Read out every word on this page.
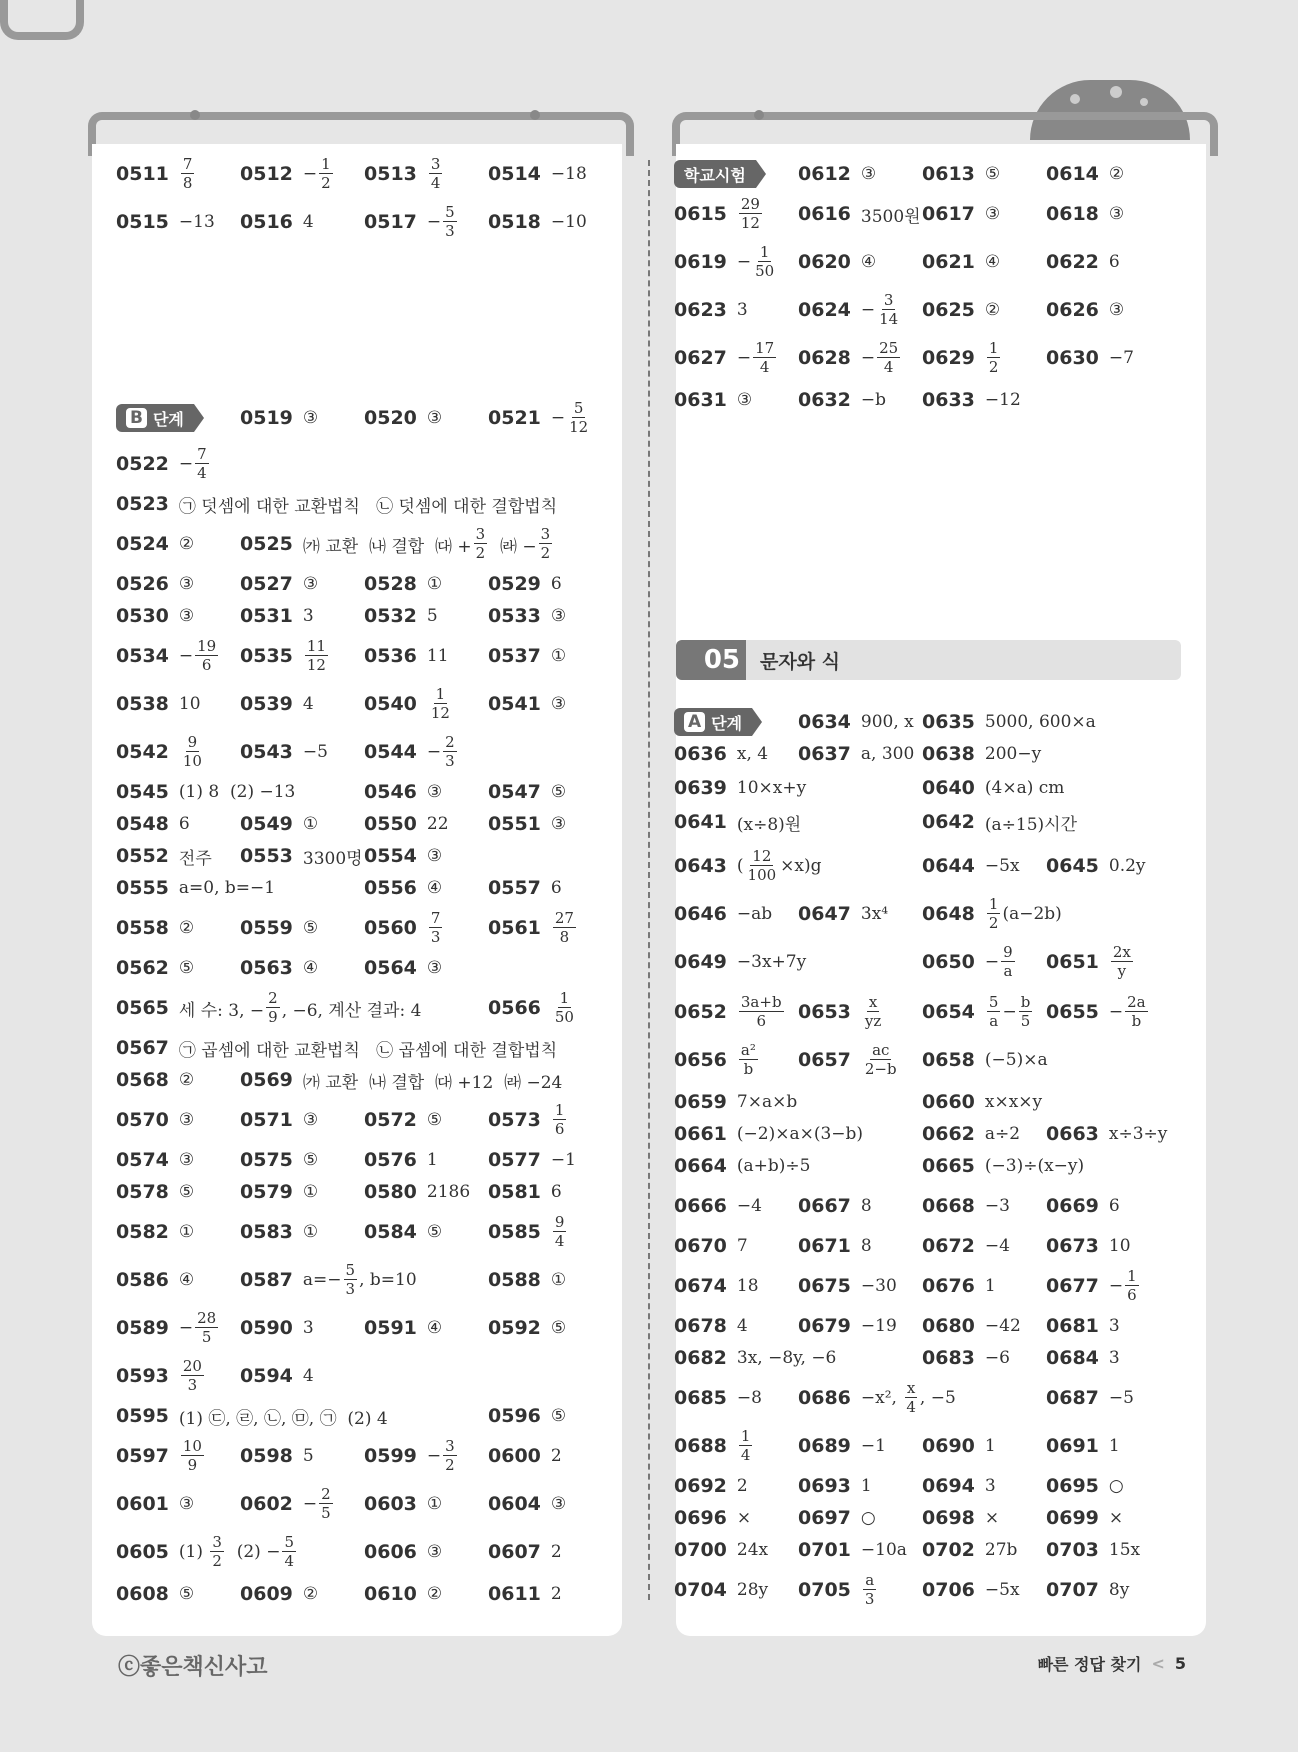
B 단계
학교시험
A 단계
05	문자와 식
$0511 \frac{7}{8} 0512 - \frac{1}{2} 0513 \frac{3}{4} 0514 -18$
0515 −13 0516 4	$0517 - \frac{5}{3} 0518 -10$
0519 ③ 0520 ③ $0521 - \frac{5}{12}$
$0522 - \frac{7}{4}$
0523 ㉠ 덧셈에 대한 교환법칙   ㉡ 덧셈에 대한 결합법칙
0524 ② 0525 ㈎ 교환  ㈏ 결합  ㈐ + $\frac{3}{2}$ ㈑ − $\frac{3}{2}$
0526 ③ 0527 ③ 0528 ① 0529 6
0530 ③ 0531 3	0532 5	0533 ③
$0534 - \frac{19}{6} 0535 \frac{11}{12} 0536$ 11 0537 ①
0538 10 0539 4	$0540 \frac{1}{12} 0541$ ③
$0542 \frac{9}{10} 0543 -5$ $0544 - \frac{2}{3}$
0545 (1) 8  (2) −13	0546 ③ 0547 ⑤
0548 6	0549 ① 0550 22 0551 ③
0552 전주 0553 3300명 0554 ③
0555 a=0, b=−1	0556 ④ 0557 6
0558 ② 0559 ⑤ $0560 \frac{7}{3} 0561 \frac{27}{8}$
0562 ⑤ 0563 ④ 0564 ③
0565 세 수: 3, − $\frac{2}{9}$ , −6, 계산 결과: 4	$0566 \frac{1}{50}$
0567 ㉠ 곱셈에 대한 교환법칙   ㉡ 곱셈에 대한 결합법칙
0568 ② 0569 ㈎ 교환  ㈏ 결합  ㈐ +12  ㈑ −24
0570 ③ 0571 ③ 0572 ⑤ $0573 \frac{1}{6}$
0574 ③ 0575 ⑤ 0576 1	0577 −1
0578 ⑤ 0579 ① 0580 2186 0581 6
0582 ① 0583 ① 0584 ⑤ $0585 \frac{9}{4}$
0586 ④ 0587 $a=- \frac{5}{3}$ , b=10	0588 ①
$0589 - \frac{28}{5} 0590$ 3	0591 ④ 0592 ⑤
$0593 \frac{20}{3} 0594$ 4
0595 (1) ㉢, ㉣, ㉡, ㉤, ㉠  (2) 4	0596 ⑤
$0597 \frac{10}{9} 0598$ 5	$0599 - \frac{3}{2} 0600$ 2
0601 ③ $0602 - \frac{2}{5} 0603$ ① 0604 ③
0605 $(1) \frac{3}{2} (2) - \frac{5}{4}$	0606 ③ 0607 2
0608 ⑤ 0609 ② 0610 ② 0611 2
0612 ③ 0613 ⑤ 0614 ②
$0615 \frac{29}{12} 0616$ 3500원 0617 ③ 0618 ③
$0619 - \frac{1}{50} 0620$ ④ 0621 ④ 0622 6
0623 3	$0624 - \frac{3}{14} 0625$ ② 0626 ③
$0627 - \frac{17}{4} 0628 - \frac{25}{4} 0629 \frac{1}{2} 0630 -7$
0631 ③ 0632 −b 0633 −12
0634 900, x 0635 5000, 600×a
0636 x, 4 0637 a, 300 0638 200−y
0639 10×x+y	0640 (4×a) cm
0641 (x÷8)원	0642 (a÷15)시간
0643 ( $\frac{12}{100} \times x)g$	0644 −5x 0645 0.2y
0646 −ab 0647 3x⁴ $0648 \frac{1}{2} (a-2b)$
0649 −3x+7y	$0650 - \frac{9}{a} 0651 \frac{2x}{y}$
$0652 \frac{3a+b}{6} 0653 \frac{x}{yz} 0654 \frac{5}{a} - \frac{b}{5} 0655 - \frac{2a}{b}$
$0656 \frac{\text{a²}}{b} 0657 \frac{ac}{2-b} 0658$ (−5)×a
0659 7×a×b	0660 x×x×y
0661 (−2)×a×(3−b)	0662 a÷2 0663 x÷3÷y
0664 (a+b)÷5	0665 (−3)÷(x−y)
0666 −4 0667 8	0668 −3 0669 6
0670 7	0671 8	0672 −4 0673 10
0674 18 0675 −30 0676 1	$0677 - \frac{1}{6}$
0678 4	0679 −19 0680 −42 0681 3
0682 3x, −8y, −6	0683 −6 0684 3
0685 −8 0686 −x², $\frac{x}{4}$ , −5	0687 −5
$0688 \frac{1}{4} 0689 -1$ 0690 1	0691 1
0692 2	0693 1	0694 3	0695 ○
0696 × 0697 ○ 0698 × 0699 ×
0700 24x 0701 −10a 0702 27b 0703 15x
0704 28y $0705 \frac{a}{3} 0706 -5x$ 0707 8y
ⓒ좋은책신사고	빠른 정답 찾기 < 5
